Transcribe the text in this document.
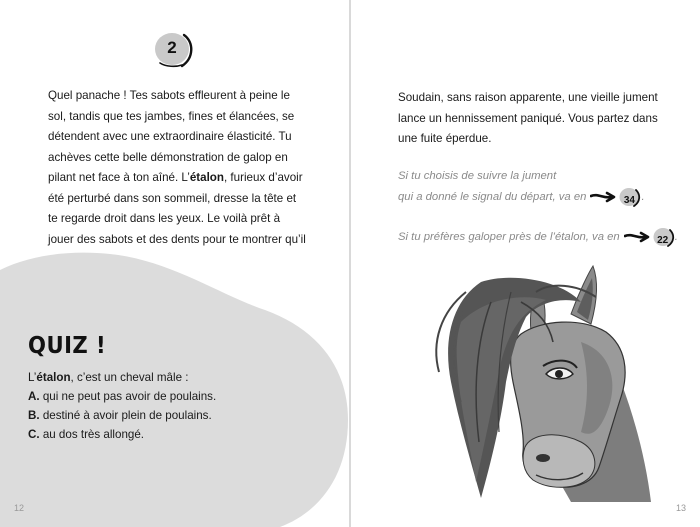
2

Quel panache ! Tes sabots effleurent à peine le sol, tandis que tes jambes, fines et élancées, se détendent avec une extraordinaire élasticité. Tu achèves cette belle démonstration de galop en pilant net face à ton aîné. L’étalon, furieux d’avoir été perturbé dans son sommeil, dresse la tête et te regarde droit dans les yeux. Le voilà prêt à jouer des sabots et des dents pour te montrer qu’il

QUIZ !

L’étalon, c’est un cheval mâle :

A. qui ne peut pas avoir de poulains.
B. destiné à avoir plein de poulains.
C. au dos très allongé.
12

Soudain, sans raison apparente, une vieille jument lance un hennissement paniqué. Vous partez dans une fuite éperdue.

Si tu choisis de suivre la jument
qui a donné le signal du départ, va en	34 .
Si tu préfères galoper près de l’étalon, va en	22 .
13
